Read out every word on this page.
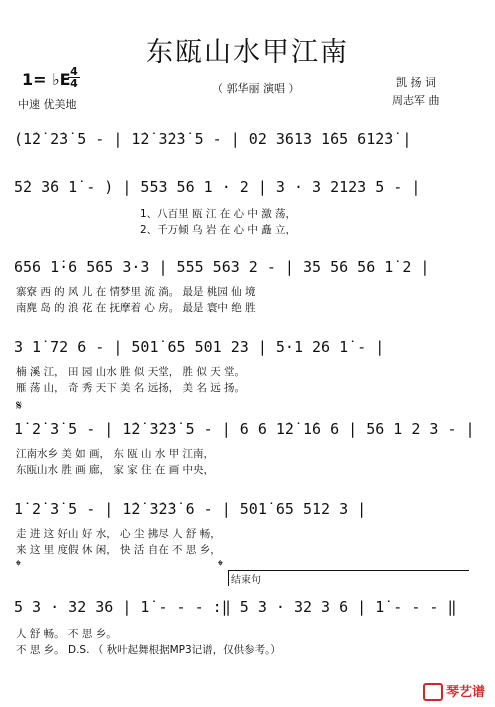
东瓯山水甲江南
（ 郭华丽 演唱 ）	凯 扬 词
周志军 曲
1= ♭E 4
4
中速 优美地
(1̇2̇ 2̇3̇ 5 - | 1̇2̇ 3̇2̇3̇ 5 - | 02 3613 1̇65 61̇2̇3̇ |
5̇2 3̇6 1̇ - ) | 553 56 1 · 2 | 3 · 3 2123 5 - |
1、八百里 瓯 江 在 心 中 激 荡，
2、千万倾 乌 岩 在 心 中 矗 立，
656 1̇·6 565 3·3 | 555 563 2 - | 35 56 56 1̇ 2 |
寨寮 西 的 风 儿 在 情梦里 流 淌。 最是 桃园 仙 境
南麂 岛 的 浪 花 在 抚摩着 心 房。 最是 寰中 绝 胜
3 1̇ 72 6 - | 501̇ 65 501 23 | 5·1 26 1̇ - |
楠 溪 江， 田 园 山水 胜 似 天堂， 胜 似 天 堂。
雁 荡 山， 奇 秀 天下 美 名 远扬， 美 名 远 扬。
𝄋
1̇ 2̇ 3̇ 5 - | 1̇2̇ 3̇2̇3̇ 5 - | 6 6 1̇2̇ 1̇6 6 | 56 1 2 3 - |
江南水乡 美 如 画， 东 瓯 山 水 甲 江南，
东瓯山水 胜 画 廊， 家 家 住 在 画 中央，
1̇ 2̇ 3̇ 5 - | 1̇2̇ 3̇2̇3̇ 6 - | 501̇ 65 512 3 |
走 进 这 好山 好 水， 心 尘 拂尽 人 舒 畅，
来 这 里 度假 休 闲， 快 活 自在 不 思 乡，
𝄌	𝄌
结束句
5 3 · 32 36 | 1̇ - - - :‖ 5 3 · 32 3 6 | 1̇ - - - ‖
人 舒 畅。 不 思 乡。
不 思 乡。 D.S. （ 秋叶起舞根据MP3记谱，仅供参考。）
琴艺谱
